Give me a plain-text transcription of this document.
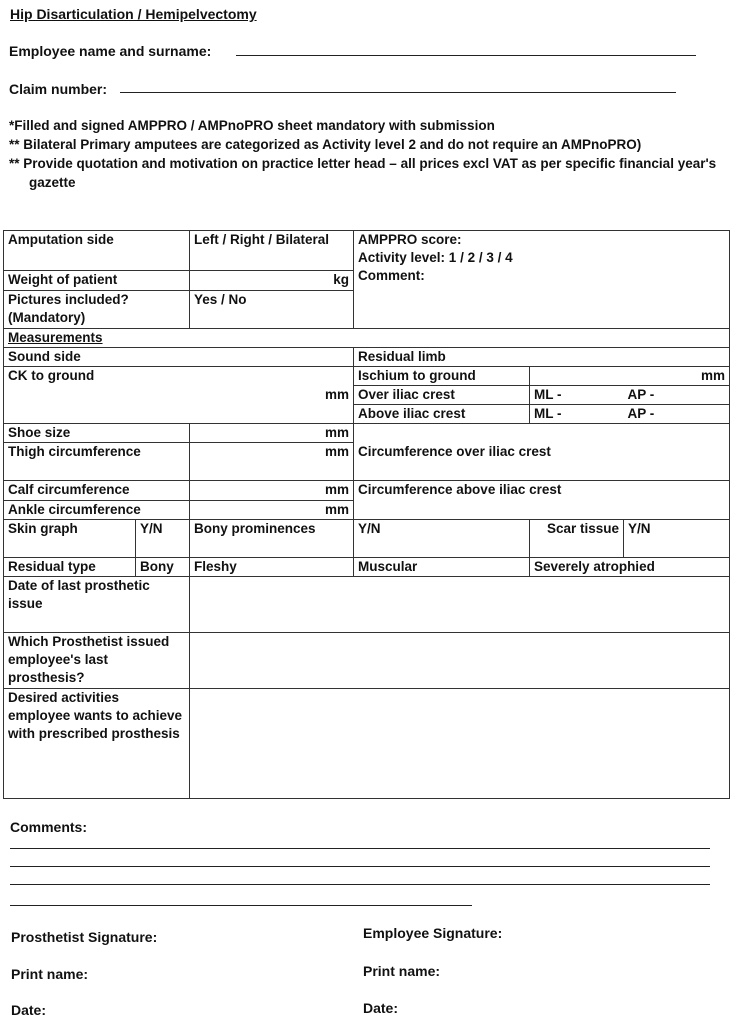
Hip Disarticulation / Hemipelvectomy
Employee name and surname:
Claim number:
*Filled and signed AMPPRO / AMPnoPRO sheet mandatory with submission
** Bilateral Primary amputees are categorized as Activity level 2 and do not require an AMPnoPRO)
** Provide quotation and motivation on practice letter head – all prices excl VAT as per specific financial year's gazette
Amputation side		Left / Right / Bilateral	AMPPRO score:
Activity level: 1 / 2 / 3 / 4
Comment:		

Weight of patient		kg			
Pictures included? (Mandatory)		Yes / No			
Measurements					
Sound side			Residual limb		
CK to ground		mm	Ischium to ground	mm	
			Over iliac crest	ML -	AP -
			Above iliac crest	ML -	AP -
Shoe size		mm	Circumference over iliac crest		
Thigh circumference		mm			
Calf circumference		mm	Circumference above iliac crest		
Ankle circumference		mm			
Skin graph	Y/N	Bony prominences	Y/N	Scar tissue	Y/N
Residual type	Bony	Fleshy	Muscular	Severely atrophied	
Date of last prosthetic issue					
Which Prosthetist issued employee's last prosthesis?					
Desired activities employee wants to achieve with prescribed prosthesis					
Comments:
Prosthetist Signature:	Employee Signature:
Print name:	Print name:
Date:	Date:
